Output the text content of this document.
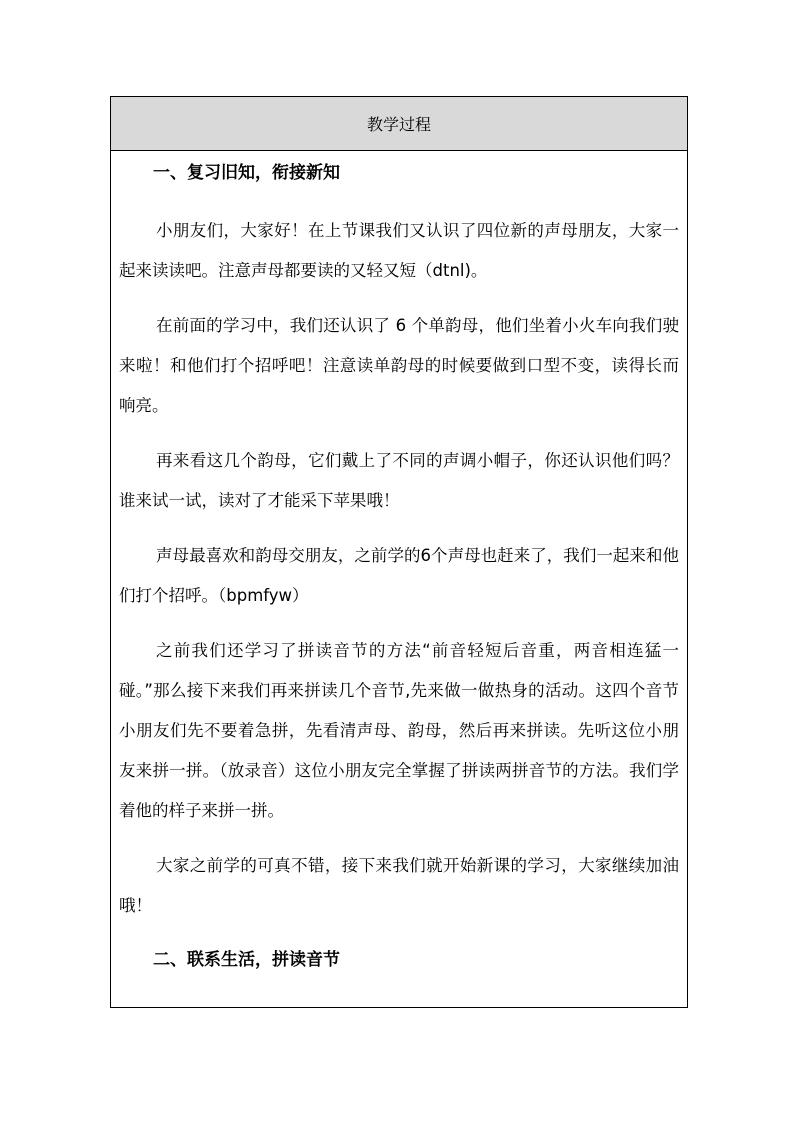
教学过程

一、复习旧知，衔接新知

小朋友们，大家好！在上节课我们又认识了四位新的声母朋友，大家一起来读读吧。注意声母都要读的又轻又短（dtnl)。

在前面的学习中，我们还认识了 6 个单韵母，他们坐着小火车向我们驶来啦！和他们打个招呼吧！注意读单韵母的时候要做到口型不变，读得长而响亮。

再来看这几个韵母，它们戴上了不同的声调小帽子，你还认识他们吗？谁来试一试，读对了才能采下苹果哦！

声母最喜欢和韵母交朋友，之前学的6个声母也赶来了，我们一起来和他们打个招呼。（bpmfyw）

之前我们还学习了拼读音节的方法“前音轻短后音重，两音相连猛一碰。”那么接下来我们再来拼读几个音节,先来做一做热身的活动。这四个音节小朋友们先不要着急拼，先看清声母、韵母，然后再来拼读。先听这位小朋友来拼一拼。（放录音）这位小朋友完全掌握了拼读两拼音节的方法。我们学着他的样子来拼一拼。

大家之前学的可真不错，接下来我们就开始新课的学习，大家继续加油哦！

二、联系生活，拼读音节
